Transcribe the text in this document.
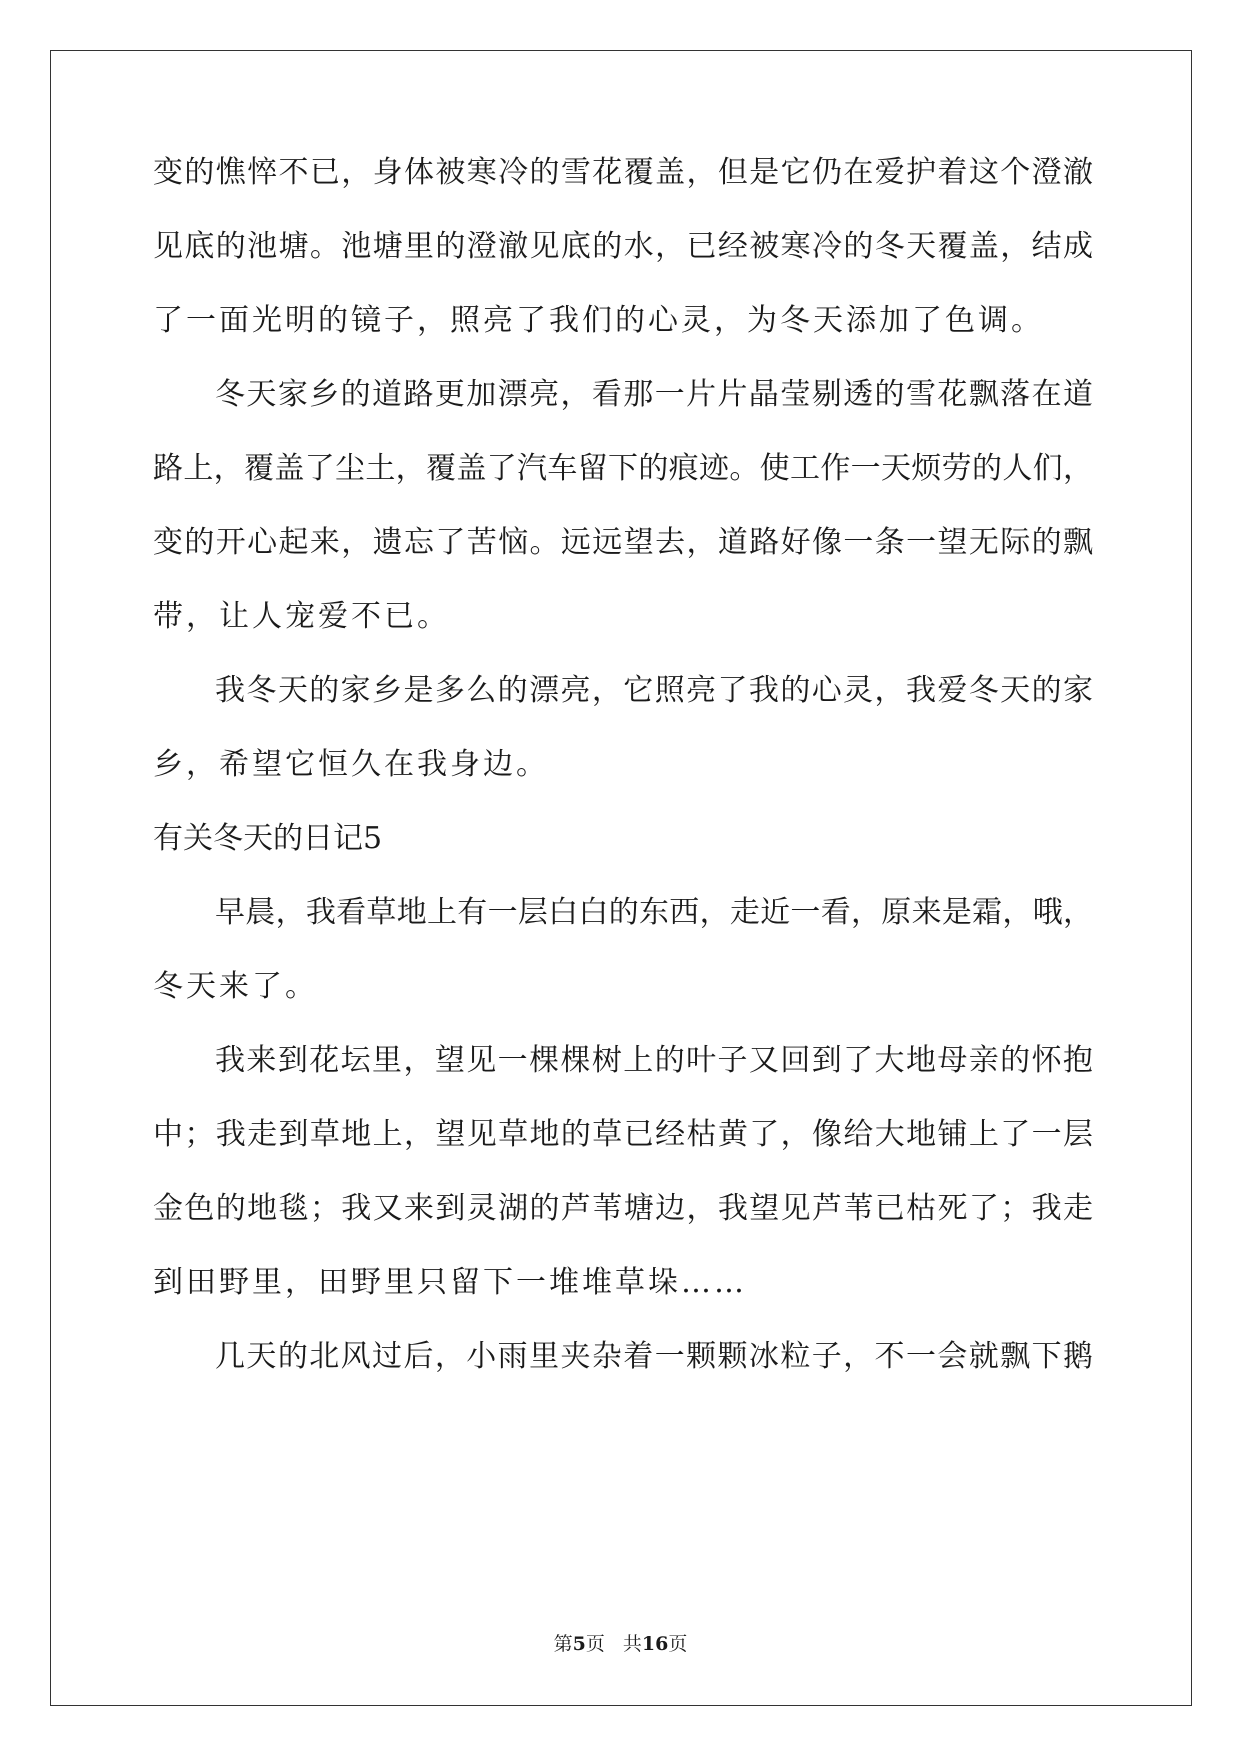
变的憔悴不已，身体被寒冷的雪花覆盖，但是它仍在爱护着这个澄澈
见底的池塘。池塘里的澄澈见底的水，已经被寒冷的冬天覆盖，结成
了一面光明的镜子，照亮了我们的心灵，为冬天添加了色调。
冬天家乡的道路更加漂亮，看那一片片晶莹剔透的雪花飘落在道
路上，覆盖了尘土，覆盖了汽车留下的痕迹。使工作一天烦劳的人们，
变的开心起来，遗忘了苦恼。远远望去，道路好像一条一望无际的飘
带，让人宠爱不已。
我冬天的家乡是多么的漂亮，它照亮了我的心灵，我爱冬天的家
乡，希望它恒久在我身边。
有关冬天的日记5
早晨，我看草地上有一层白白的东西，走近一看，原来是霜，哦，
冬天来了。
我来到花坛里，望见一棵棵树上的叶子又回到了大地母亲的怀抱
中；我走到草地上，望见草地的草已经枯黄了，像给大地铺上了一层
金色的地毯；我又来到灵湖的芦苇塘边，我望见芦苇已枯死了；我走
到田野里，田野里只留下一堆堆草垛……
几天的北风过后，小雨里夹杂着一颗颗冰粒子，不一会就飘下鹅
第5页 共16页
